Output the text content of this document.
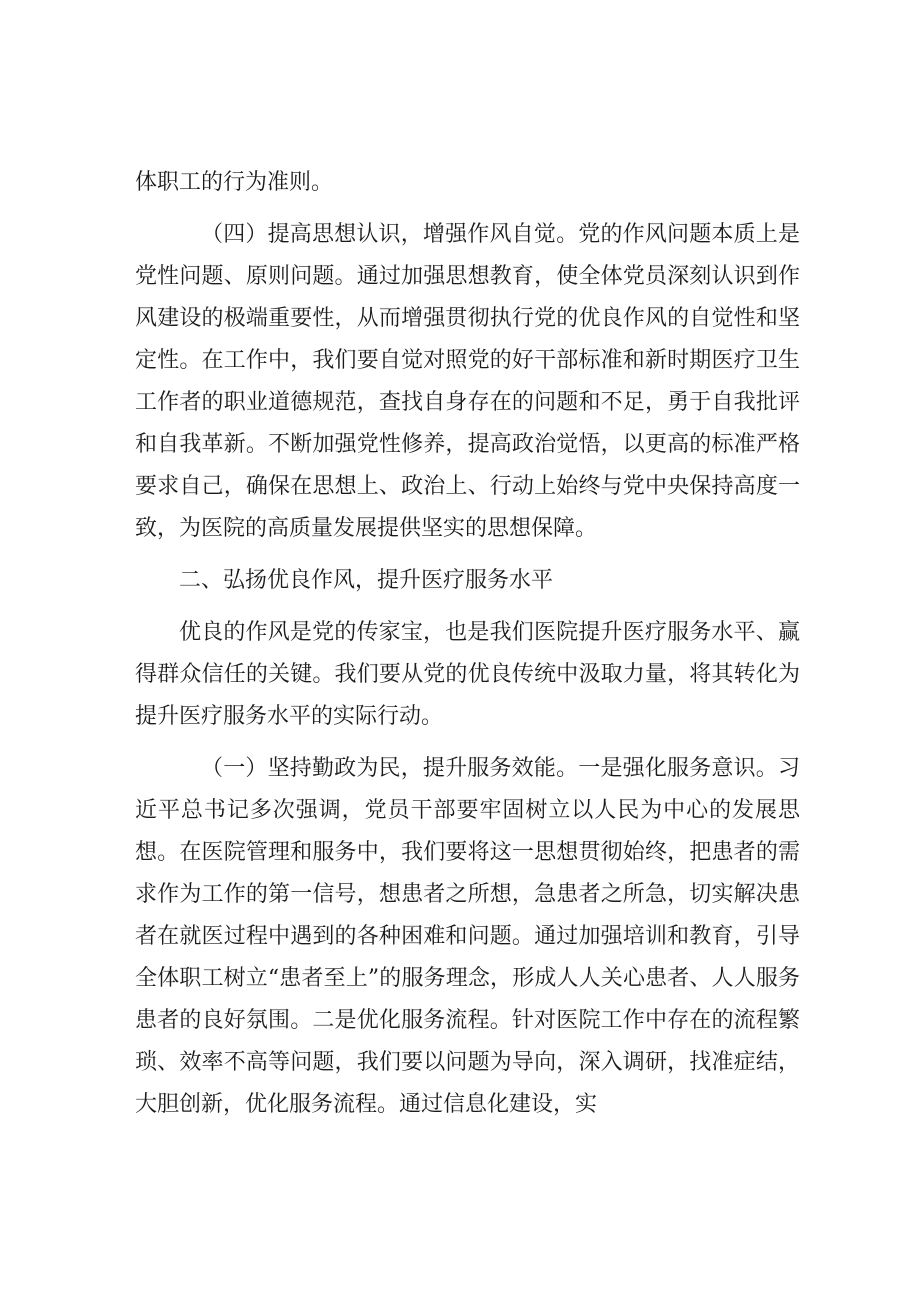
体职工的行为准则。

（四）提高思想认识，增强作风自觉。党的作风问题本质上是党性问题、原则问题。通过加强思想教育，使全体党员深刻认识到作风建设的极端重要性，从而增强贯彻执行党的优良作风的自觉性和坚定性。在工作中，我们要自觉对照党的好干部标准和新时期医疗卫生工作者的职业道德规范，查找自身存在的问题和不足，勇于自我批评和自我革新。不断加强党性修养，提高政治觉悟，以更高的标准严格要求自己，确保在思想上、政治上、行动上始终与党中央保持高度一致，为医院的高质量发展提供坚实的思想保障。

二、弘扬优良作风，提升医疗服务水平

优良的作风是党的传家宝，也是我们医院提升医疗服务水平、赢得群众信任的关键。我们要从党的优良传统中汲取力量，将其转化为提升医疗服务水平的实际行动。

（一）坚持勤政为民，提升服务效能。一是强化服务意识。习近平总书记多次强调，党员干部要牢固树立以人民为中心的发展思想。在医院管理和服务中，我们要将这一思想贯彻始终，把患者的需求作为工作的第一信号，想患者之所想，急患者之所急，切实解决患者在就医过程中遇到的各种困难和问题。通过加强培训和教育，引导全体职工树立“患者至上”的服务理念，形成人人关心患者、人人服务患者的良好氛围。二是优化服务流程。针对医院工作中存在的流程繁琐、效率不高等问题，我们要以问题为导向，深入调研，找准症结，大胆创新，优化服务流程。通过信息化建设，实
